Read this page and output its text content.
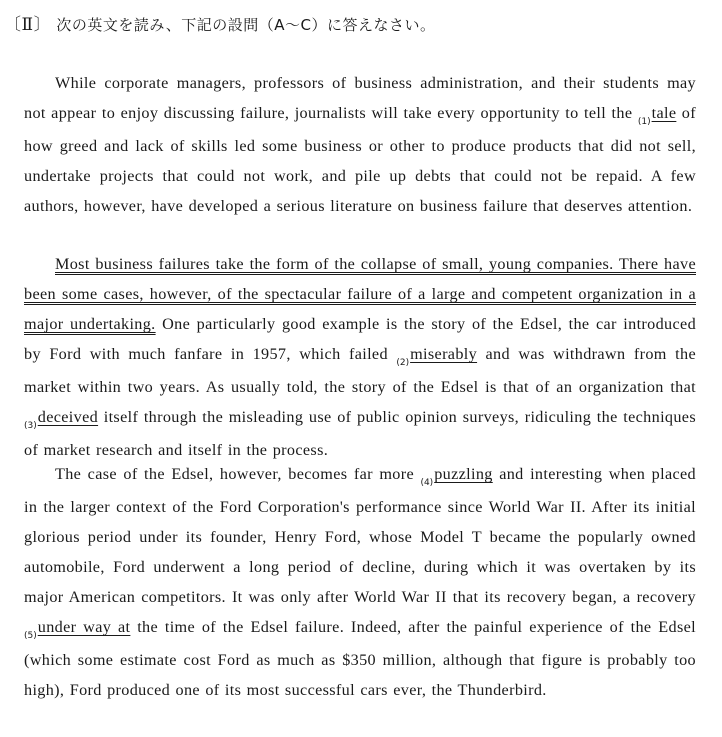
〔Ⅱ〕 次の英文を読み、下記の設問（A～C）に答えなさい。
While corporate managers, professors of business administration, and their students may not appear to enjoy discussing failure, journalists will take every opportunity to tell the $_{(1)}$tale of how greed and lack of skills led some business or other to produce products that did not sell, undertake projects that could not work, and pile up debts that could not be repaid. A few authors, however, have developed a serious literature on business failure that deserves attention.
Most business failures take the form of the collapse of small, young companies. There have been some cases, however, of the spectacular failure of a large and competent organization in a major undertaking. One particularly good example is the story of the Edsel, the car introduced by Ford with much fanfare in 1957, which failed $_{(2)}$miserably and was withdrawn from the market within two years. As usually told, the story of the Edsel is that of an organization that $_{(3)}$deceived itself through the misleading use of public opinion surveys, ridiculing the techniques of market research and itself in the process.
The case of the Edsel, however, becomes far more $_{(4)}$puzzling and interesting when placed in the larger context of the Ford Corporation's performance since World War II. After its initial glorious period under its founder, Henry Ford, whose Model T became the popularly owned automobile, Ford underwent a long period of decline, during which it was overtaken by its major American competitors. It was only after World War II that its recovery began, a recovery $_{(5)}$under way at the time of the Edsel failure. Indeed, after the painful experience of the Edsel (which some estimate cost Ford as much as $350 million, although that figure is probably too high), Ford produced one of its most successful cars ever, the Thunderbird.
